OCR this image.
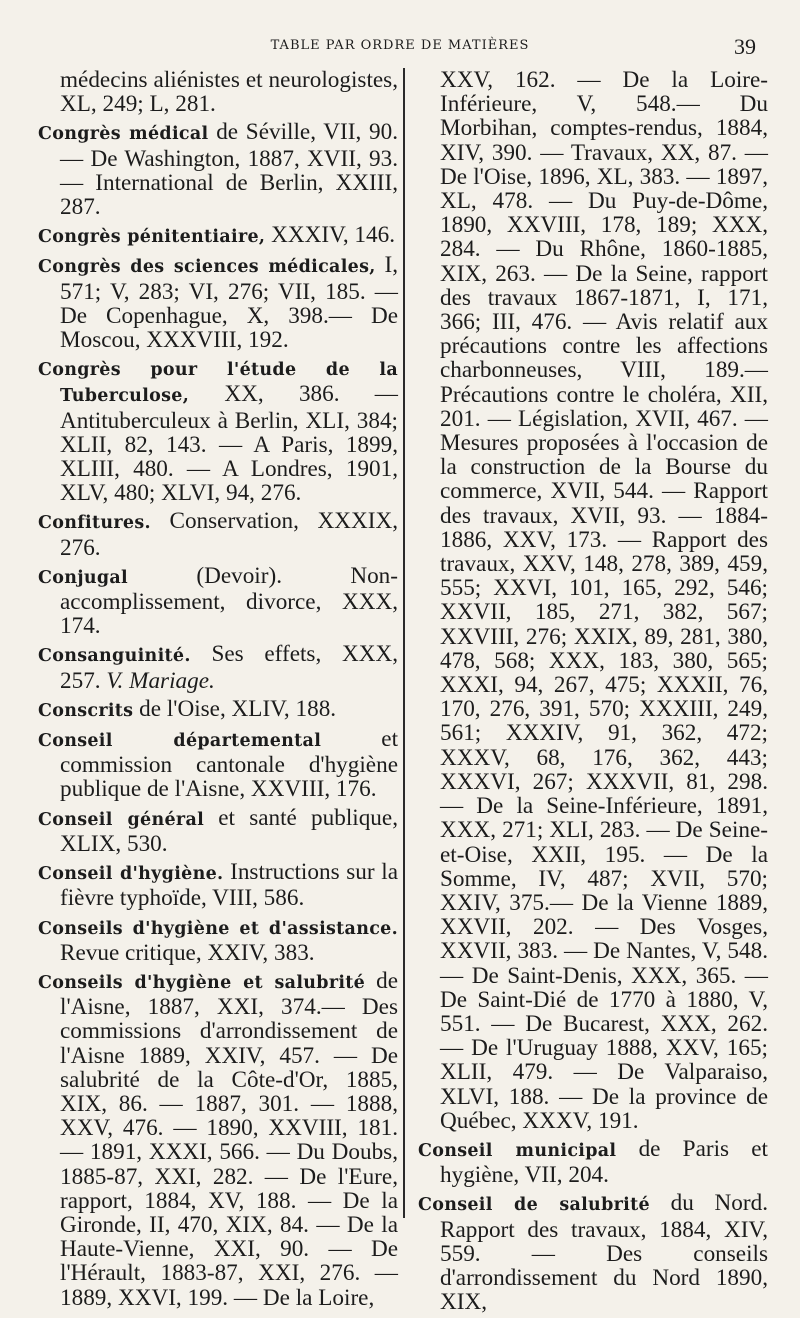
TABLE PAR ORDRE DE MATIÈRES	39

médecins aliénistes et neurologistes, XL, 249; L, 281.

Congrès médical de Séville, VII, 90. — De Washington, 1887, XVII, 93. — International de Berlin, XXIII, 287.

Congrès pénitentiaire, XXXIV, 146.

Congrès des sciences médicales, I, 571; V, 283; VI, 276; VII, 185. — De Copenhague, X, 398.— De Moscou, XXXVIII, 192.

Congrès pour l'étude de la Tuberculose, XX, 386. — Antituberculeux à Berlin, XLI, 384; XLII, 82, 143. — A Paris, 1899, XLIII, 480. — A Londres, 1901, XLV, 480; XLVI, 94, 276.

Confitures. Conservation, XXXIX, 276.

Conjugal (Devoir). Non-accomplissement, divorce, XXX, 174.

Consanguinité. Ses effets, XXX, 257. V. Mariage.

Conscrits de l'Oise, XLIV, 188.

Conseil départemental et commission cantonale d'hygiène publique de l'Aisne, XXVIII, 176.

Conseil général et santé publique, XLIX, 530.

Conseil d'hygiène. Instructions sur la fièvre typhoïde, VIII, 586.

Conseils d'hygiène et d'assistance. Revue critique, XXIV, 383.

Conseils d'hygiène et salubrité de l'Aisne, 1887, XXI, 374.— Des commissions d'arrondissement de l'Aisne 1889, XXIV, 457. — De salubrité de la Côte-d'Or, 1885, XIX, 86. — 1887, 301. — 1888, XXV, 476. — 1890, XXVIII, 181. — 1891, XXXI, 566. — Du Doubs, 1885-87, XXI, 282. — De l'Eure, rapport, 1884, XV, 188. — De la Gironde, II, 470, XIX, 84. — De la Haute-Vienne, XXI, 90. — De l'Hérault, 1883-87, XXI, 276. — 1889, XXVI, 199. — De la Loire,

XXV, 162. — De la Loire-Inférieure, V, 548.— Du Morbihan, comptes-rendus, 1884, XIV, 390. — Travaux, XX, 87. — De l'Oise, 1896, XL, 383. — 1897, XL, 478. — Du Puy-de-Dôme, 1890, XXVIII, 178, 189; XXX, 284. — Du Rhône, 1860-1885, XIX, 263. — De la Seine, rapport des travaux 1867-1871, I, 171, 366; III, 476. — Avis relatif aux précautions contre les affections charbonneuses, VIII, 189.— Précautions contre le choléra, XII, 201. — Législation, XVII, 467. — Mesures proposées à l'occasion de la construction de la Bourse du commerce, XVII, 544. — Rapport des travaux, XVII, 93. — 1884-1886, XXV, 173. — Rapport des travaux, XXV, 148, 278, 389, 459, 555; XXVI, 101, 165, 292, 546; XXVII, 185, 271, 382, 567; XXVIII, 276; XXIX, 89, 281, 380, 478, 568; XXX, 183, 380, 565; XXXI, 94, 267, 475; XXXII, 76, 170, 276, 391, 570; XXXIII, 249, 561; XXXIV, 91, 362, 472; XXXV, 68, 176, 362, 443; XXXVI, 267; XXXVII, 81, 298. — De la Seine-Inférieure, 1891, XXX, 271; XLI, 283. — De Seine-et-Oise, XXII, 195. — De la Somme, IV, 487; XVII, 570; XXIV, 375.— De la Vienne 1889, XXVII, 202. — Des Vosges, XXVII, 383. — De Nantes, V, 548. — De Saint-Denis, XXX, 365. — De Saint-Dié de 1770 à 1880, V, 551. — De Bucarest, XXX, 262. — De l'Uruguay 1888, XXV, 165; XLII, 479. — De Valparaiso, XLVI, 188. — De la province de Québec, XXXV, 191.

Conseil municipal de Paris et hygiène, VII, 204.

Conseil de salubrité du Nord. Rapport des travaux, 1884, XIV, 559. — Des conseils d'arrondissement du Nord 1890, XIX,
